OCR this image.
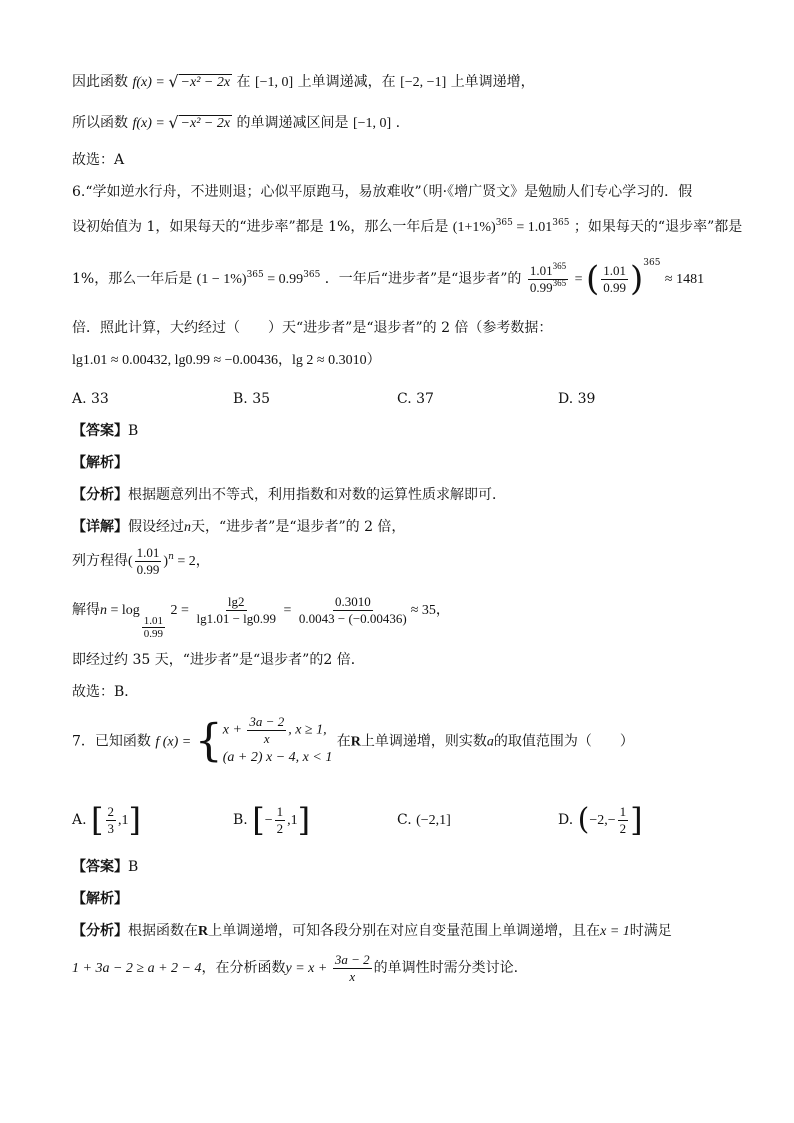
因此函数 f(x) = √ −x² − 2x 在 [−1, 0] 上单调递减，在 [−2, −1] 上单调递增，
所以函数 f(x) = √ −x² − 2x 的单调递减区间是 [−1, 0] .
故选：A
6.“学如逆水行舟，不进则退；心似平原跑马，易放难收”（明·《增广贤文》是勉励人们专心学习的．假
设初始值为 1，如果每天的“进步率”都是 1%，那么一年后是 $(1+1\%)^{365} = 1.01^{365}$ ；如果每天的“退步率”都是
1%，那么一年后是 $(1 - 1\%)^{365} = 0.99^{365}$ ．一年后“进步者”是“退步者”的 $\frac{1.01^{365}}{0.99^{365}}$ = ( $\frac{1.01}{0.99} )^{365} \approx 1481$
倍．照此计算，大约经过（　　）天“进步者”是“退步者”的 2 倍（参考数据：
lg1.01 ≈ 0.00432, lg0.99 ≈ −0.00436，lg 2 ≈ 0.3010）
A. 33	B. 35	C. 37	D. 39
【答案】B
【解析】
【分析】根据题意列出不等式，利用指数和对数的运算性质求解即可．
【详解】假设经过n天，“进步者”是“退步者”的 2 倍，
列方程得( $\frac{1.01}{0.99} )^n = 2$，
解得n = log
$\frac{1.01}{0.99}$
$2 = \frac{\lg 2}{\lg 1.01 - \lg 0.99} = \frac{0.3010}{0.0043 - (-0.00436)} \approx 35$，
即经过约 35 天，“进步者”是“退步者”的2 倍．
故选：B．
7．已知函数 f (x) = { $x + \frac{3a - 2}{x}$ , x ≥ 1,
(a + 2) x − 4, x < 1
在R上单调递增，则实数a的取值范围为（　　）
A. [ $\frac{2}{3} ,1$]	B. [− $\frac{1}{2} ,1$]	C. (−2,1]	D. ($-2,- \frac{1}{2}$ ]
【答案】B
【解析】
【分析】根据函数在R上单调递增，可知各段分别在对应自变量范围上单调递增，且在x = 1时满足
1 + 3a − 2 ≥ a + 2 − 4，在分析函数$y = x + \frac{3a - 2}{x}$ 的单调性时需分类讨论.
